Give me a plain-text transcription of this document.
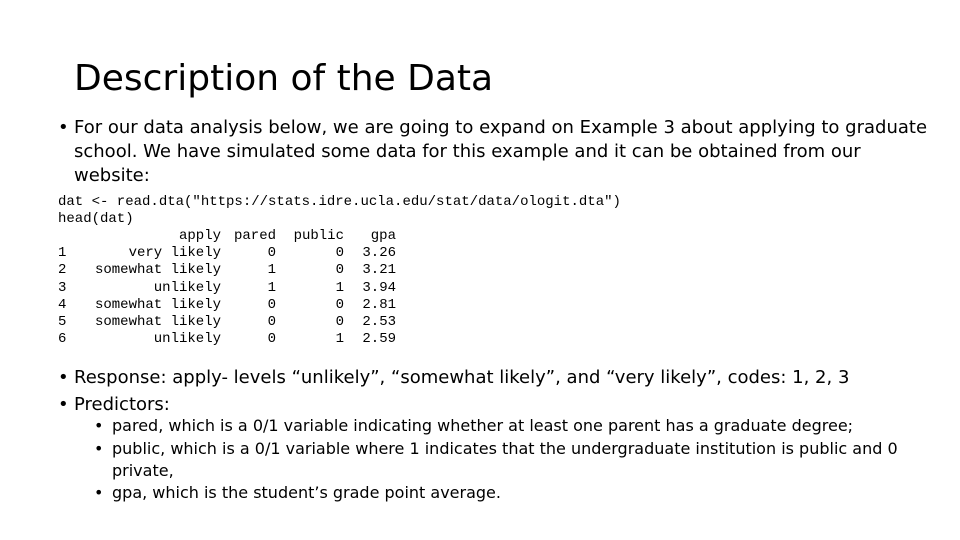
Description of the Data
• For our data analysis below, we are going to expand on Example 3 about applying to graduate school. We have simulated some data for this example and it can be obtained from our website:
dat <- read.dta("https://stats.idre.ucla.edu/stat/data/ologit.dta")
head(dat)
	apply	pared	public	gpa
1	very likely	0	0	3.26
2	somewhat likely	1	0	3.21
3	unlikely	1	1	3.94
4	somewhat likely	0	0	2.81
5	somewhat likely	0	0	2.53
6	unlikely	0	1	2.59
• Response: apply- levels “unlikely”, “somewhat likely”, and “very likely”, codes: 1, 2, 3
• Predictors:
• pared, which is a 0/1 variable indicating whether at least one parent has a graduate degree;
• public, which is a 0/1 variable where 1 indicates that the undergraduate institution is public and 0 private,
• gpa, which is the student’s grade point average.
